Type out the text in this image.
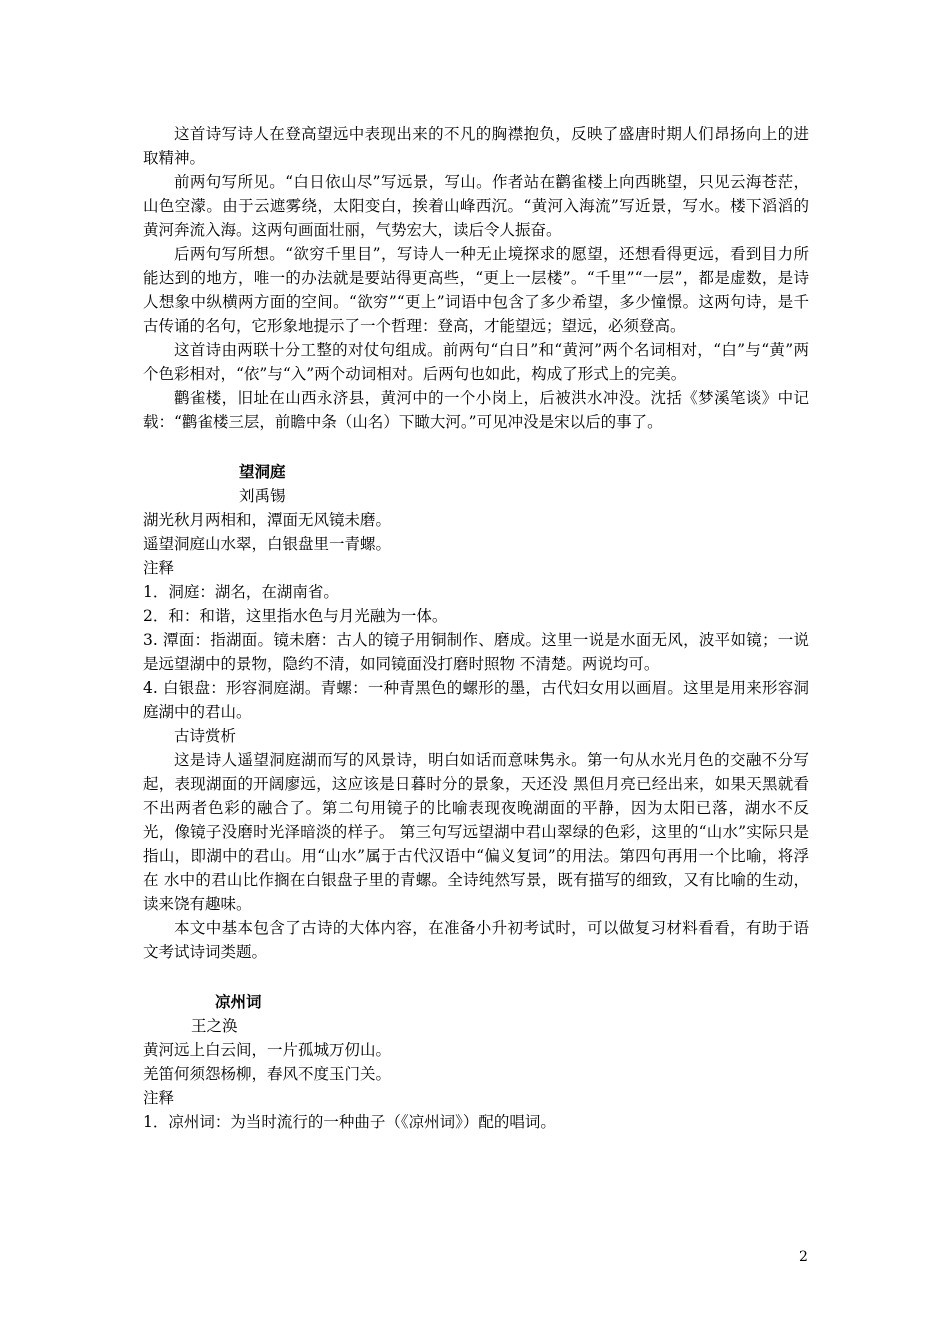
这首诗写诗人在登高望远中表现出来的不凡的胸襟抱负，反映了盛唐时期人们昂扬向上的进取精神。

前两句写所见。“白日依山尽”写远景，写山。作者站在鹳雀楼上向西眺望，只见云海苍茫，山色空濛。由于云遮雾绕，太阳变白，挨着山峰西沉。“黄河入海流”写近景，写水。楼下滔滔的黄河奔流入海。这两句画面壮丽，气势宏大，读后令人振奋。

后两句写所想。“欲穷千里目”，写诗人一种无止境探求的愿望，还想看得更远，看到目力所能达到的地方，唯一的办法就是要站得更高些，“更上一层楼”。“千里”“一层”，都是虚数，是诗人想象中纵横两方面的空间。“欲穷”“更上”词语中包含了多少希望，多少憧憬。这两句诗，是千古传诵的名句，它形象地提示了一个哲理：登高，才能望远；望远，必须登高。

这首诗由两联十分工整的对仗句组成。前两句“白日”和“黄河”两个名词相对，“白”与“黄”两个色彩相对，“依”与“入”两个动词相对。后两句也如此，构成了形式上的完美。

鹳雀楼，旧址在山西永济县，黄河中的一个小岗上，后被洪水冲没。沈括《梦溪笔谈》中记载：“鹳雀楼三层，前瞻中条（山名）下瞰大河。”可见冲没是宋以后的事了。

望洞庭
刘禹锡
湖光秋月两相和，潭面无风镜未磨。
遥望洞庭山水翠，白银盘里一青螺。
注释

1．洞庭：湖名，在湖南省。

2．和：和谐，这里指水色与月光融为一体。

3. 潭面：指湖面。镜未磨：古人的镜子用铜制作、磨成。这里一说是水面无风，波平如镜；一说是远望湖中的景物，隐约不清，如同镜面没打磨时照物 不清楚。两说均可。

4. 白银盘：形容洞庭湖。青螺：一种青黑色的螺形的墨，古代妇女用以画眉。这里是用来形容洞庭湖中的君山。

古诗赏析

这是诗人遥望洞庭湖而写的风景诗，明白如话而意味隽永。第一句从水光月色的交融不分写起，表现湖面的开阔廖远，这应该是日暮时分的景象，天还没 黑但月亮已经出来，如果天黑就看不出两者色彩的融合了。第二句用镜子的比喻表现夜晚湖面的平静，因为太阳已落，湖水不反光，像镜子没磨时光泽暗淡的样子。 第三句写远望湖中君山翠绿的色彩，这里的“山水”实际只是指山，即湖中的君山。用“山水”属于古代汉语中“偏义复词”的用法。第四句再用一个比喻，将浮在 水中的君山比作搁在白银盘子里的青螺。全诗纯然写景，既有描写的细致，又有比喻的生动，读来饶有趣味。

本文中基本包含了古诗的大体内容，在准备小升初考试时，可以做复习材料看看，有助于语文考试诗词类题。

凉州词
王之涣
黄河远上白云间，一片孤城万仞山。
羌笛何须怨杨柳，春风不度玉门关。
注释

1．凉州词：为当时流行的一种曲子（《凉州词》）配的唱词。

2
